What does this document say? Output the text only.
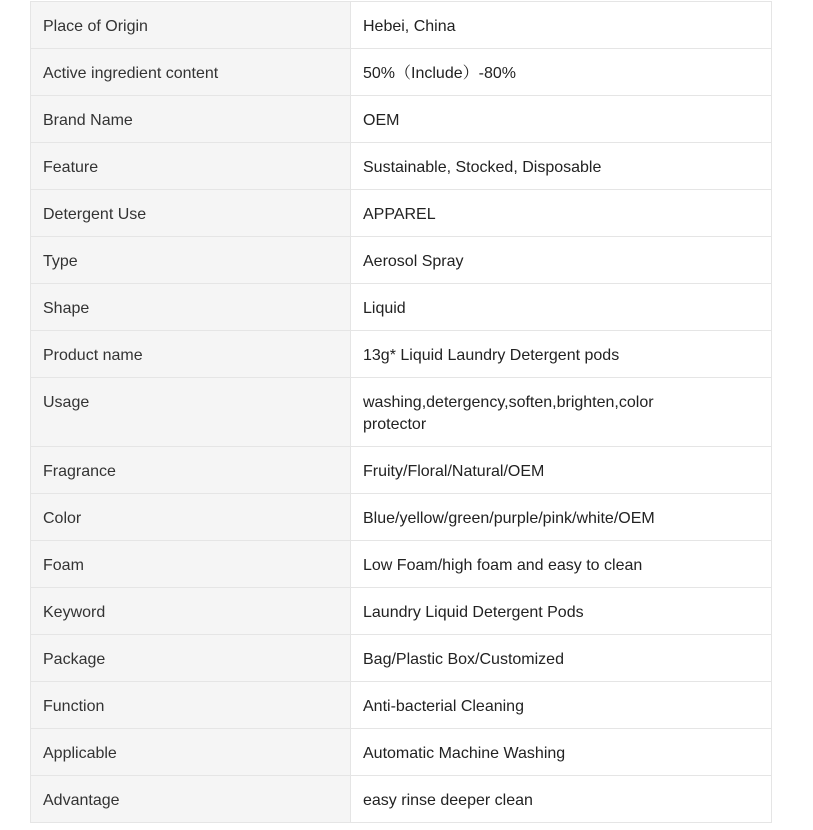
Place of Origin	Hebei, China
Active ingredient content	50%（Include）-80%
Brand Name	OEM
Feature	Sustainable, Stocked, Disposable
Detergent Use	APPAREL
Type	Aerosol Spray
Shape	Liquid
Product name	13g* Liquid Laundry Detergent pods
Usage	washing,detergency,soften,brighten,color protector
Fragrance	Fruity/Floral/Natural/OEM
Color	Blue/yellow/green/purple/pink/white/OEM
Foam	Low Foam/high foam and easy to clean
Keyword	Laundry Liquid Detergent Pods
Package	Bag/Plastic Box/Customized
Function	Anti-bacterial Cleaning
Applicable	Automatic Machine Washing
Advantage	easy rinse deeper clean
